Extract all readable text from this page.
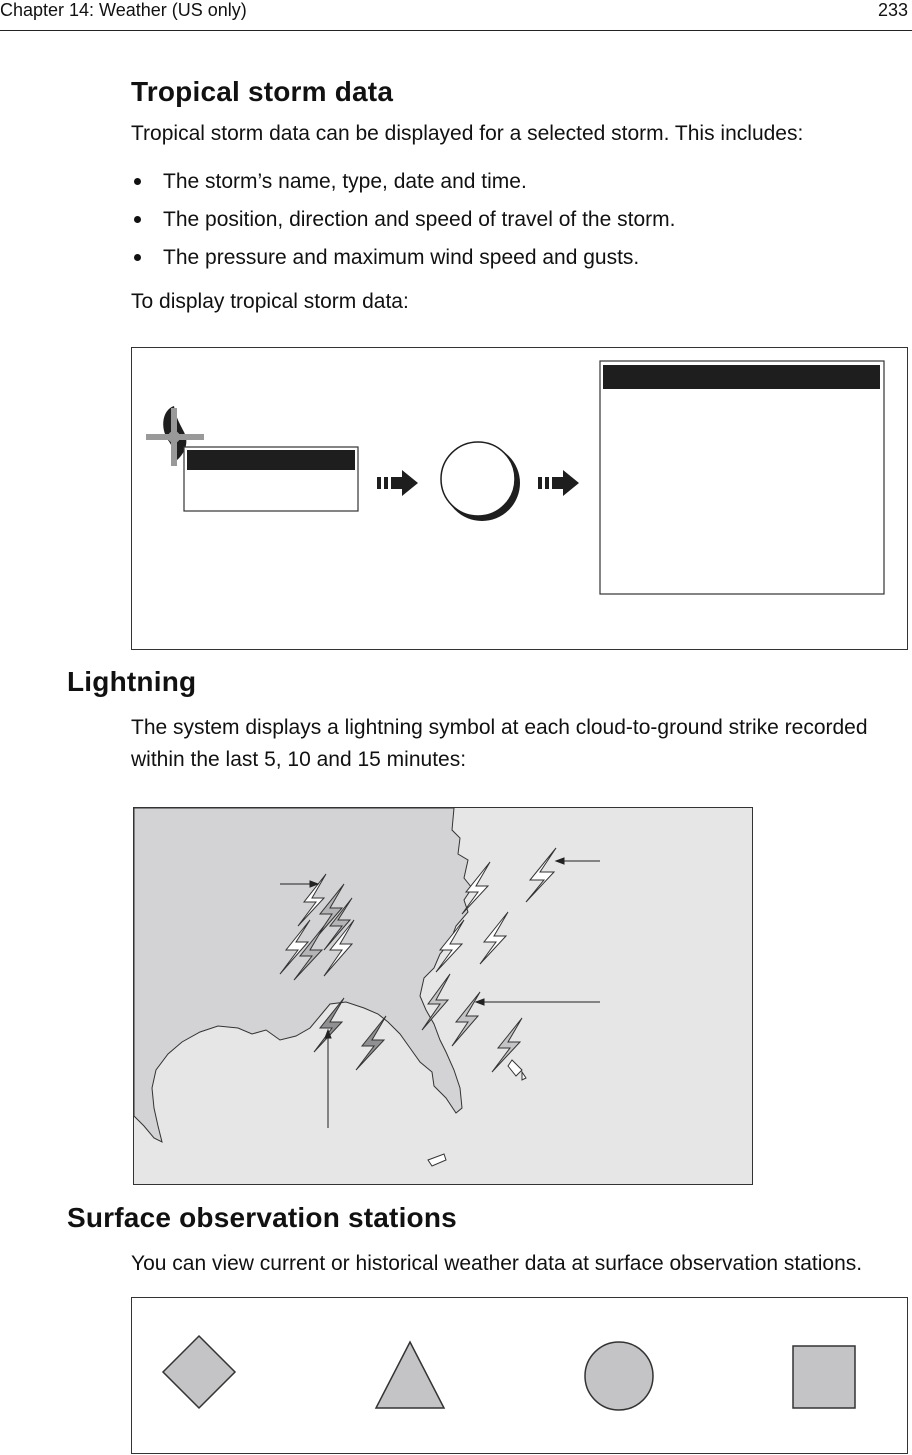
Chapter 14: Weather (US only)	233
Tropical storm data
Tropical storm data can be displayed for a selected storm. This includes:
The storm’s name, type, date and time.
The position, direction and speed of travel of the storm.
The pressure and maximum wind speed and gusts.
To display tropical storm data:
Lightning
The system displays a lightning symbol at each cloud-to-ground strike recorded within the last 5, 10 and 15 minutes:
Surface observation stations
You can view current or historical weather data at surface observation stations.
